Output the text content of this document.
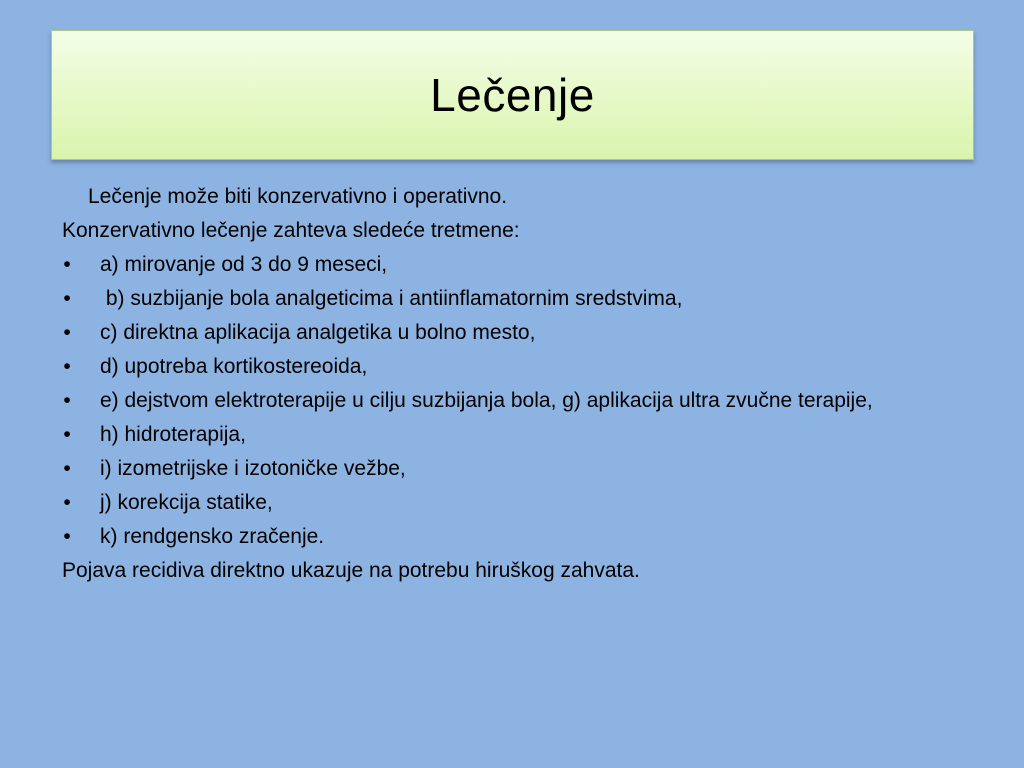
Lečenje

Lečenje može biti konzervativno i operativno.

Konzervativno lečenje zahteva sledeće tretmene:

• a) mirovanje od 3 do 9 meseci,
• b) suzbijanje bola analgeticima i antiinflamatornim sredstvima,
• c) direktna aplikacija analgetika u bolno mesto,
• d) upotreba kortikostereoida,
• e) dejstvom elektroterapije u cilju suzbijanja bola, g) aplikacija ultra zvučne terapije,
• h) hidroterapija,
• i) izometrijske i izotoničke vežbe,
• j) korekcija statike,
• k) rendgensko zračenje.

Pojava recidiva direktno ukazuje na potrebu hiruškog zahvata.
